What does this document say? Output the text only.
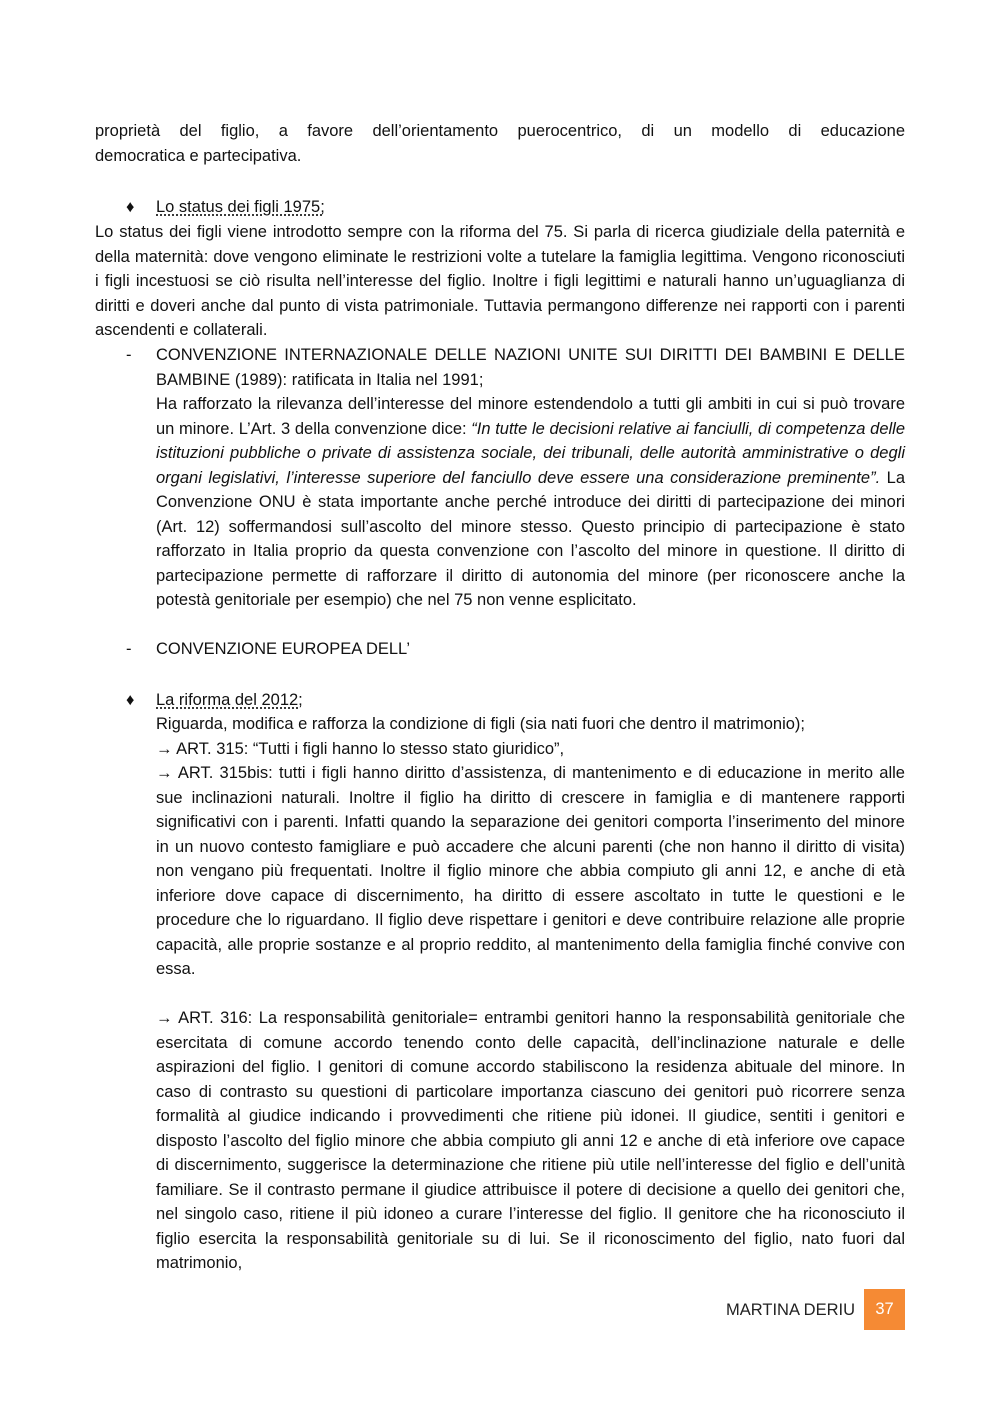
proprietà del figlio, a favore dell’orientamento puerocentrico, di un modello di educazione

democratica e partecipativa.

♦ Lo status dei figli 1975;

Lo status dei figli viene introdotto sempre con la riforma del 75. Si parla di ricerca giudiziale della paternità e della maternità: dove vengono eliminate le restrizioni volte a tutelare la famiglia legittima. Vengono riconosciuti i figli incestuosi se ciò risulta nell’interesse del figlio. Inoltre i figli legittimi e naturali hanno un’uguaglianza di diritti e doveri anche dal punto di vista patrimoniale. Tuttavia permangono differenze nei rapporti con i parenti ascendenti e collaterali.

- CONVENZIONE INTERNAZIONALE DELLE NAZIONI UNITE SUI DIRITTI DEI BAMBINI E DELLE BAMBINE (1989): ratificata in Italia nel 1991;

Ha rafforzato la rilevanza dell’interesse del minore estendendolo a tutti gli ambiti in cui si può trovare un minore. L’Art. 3 della convenzione dice: “In tutte le decisioni relative ai fanciulli, di competenza delle istituzioni pubbliche o private di assistenza sociale, dei tribunali, delle autorità amministrative o degli organi legislativi, l’interesse superiore del fanciullo deve essere una considerazione preminente”. La Convenzione ONU è stata importante anche perché introduce dei diritti di partecipazione dei minori (Art. 12) soffermandosi sull’ascolto del minore stesso. Questo principio di partecipazione è stato rafforzato in Italia proprio da questa convenzione con l’ascolto del minore in questione. Il diritto di partecipazione permette di rafforzare il diritto di autonomia del minore (per riconoscere anche la potestà genitoriale per esempio) che nel 75 non venne esplicitato.

- CONVENZIONE EUROPEA DELL’

♦ La riforma del 2012;

Riguarda, modifica e rafforza la condizione di figli (sia nati fuori che dentro il matrimonio);

→ ART. 315: “Tutti i figli hanno lo stesso stato giuridico”,

→ ART. 315bis: tutti i figli hanno diritto d’assistenza, di mantenimento e di educazione in merito alle sue inclinazioni naturali. Inoltre il figlio ha diritto di crescere in famiglia e di mantenere rapporti significativi con i parenti. Infatti quando la separazione dei genitori comporta l’inserimento del minore in un nuovo contesto famigliare e può accadere che alcuni parenti (che non hanno il diritto di visita) non vengano più frequentati. Inoltre il figlio minore che abbia compiuto gli anni 12, e anche di età inferiore dove capace di discernimento, ha diritto di essere ascoltato in tutte le questioni e le procedure che lo riguardano. Il figlio deve rispettare i genitori e deve contribuire relazione alle proprie capacità, alle proprie sostanze e al proprio reddito, al mantenimento della famiglia finché convive con essa.

→ ART. 316: La responsabilità genitoriale= entrambi genitori hanno la responsabilità genitoriale che esercitata di comune accordo tenendo conto delle capacità, dell’inclinazione naturale e delle aspirazioni del figlio. I genitori di comune accordo stabiliscono la residenza abituale del minore. In caso di contrasto su questioni di particolare importanza ciascuno dei genitori può ricorrere senza formalità al giudice indicando i provvedimenti che ritiene più idonei. Il giudice, sentiti i genitori e disposto l’ascolto del figlio minore che abbia compiuto gli anni 12 e anche di età inferiore ove capace di discernimento, suggerisce la determinazione che ritiene più utile nell’interesse del figlio e dell’unità familiare. Se il contrasto permane il giudice attribuisce il potere di decisione a quello dei genitori che, nel singolo caso, ritiene il più idoneo a curare l’interesse del figlio. Il genitore che ha riconosciuto il figlio esercita la responsabilità genitoriale su di lui. Se il riconoscimento del figlio, nato fuori dal matrimonio,

MARTINA DERIU	37
